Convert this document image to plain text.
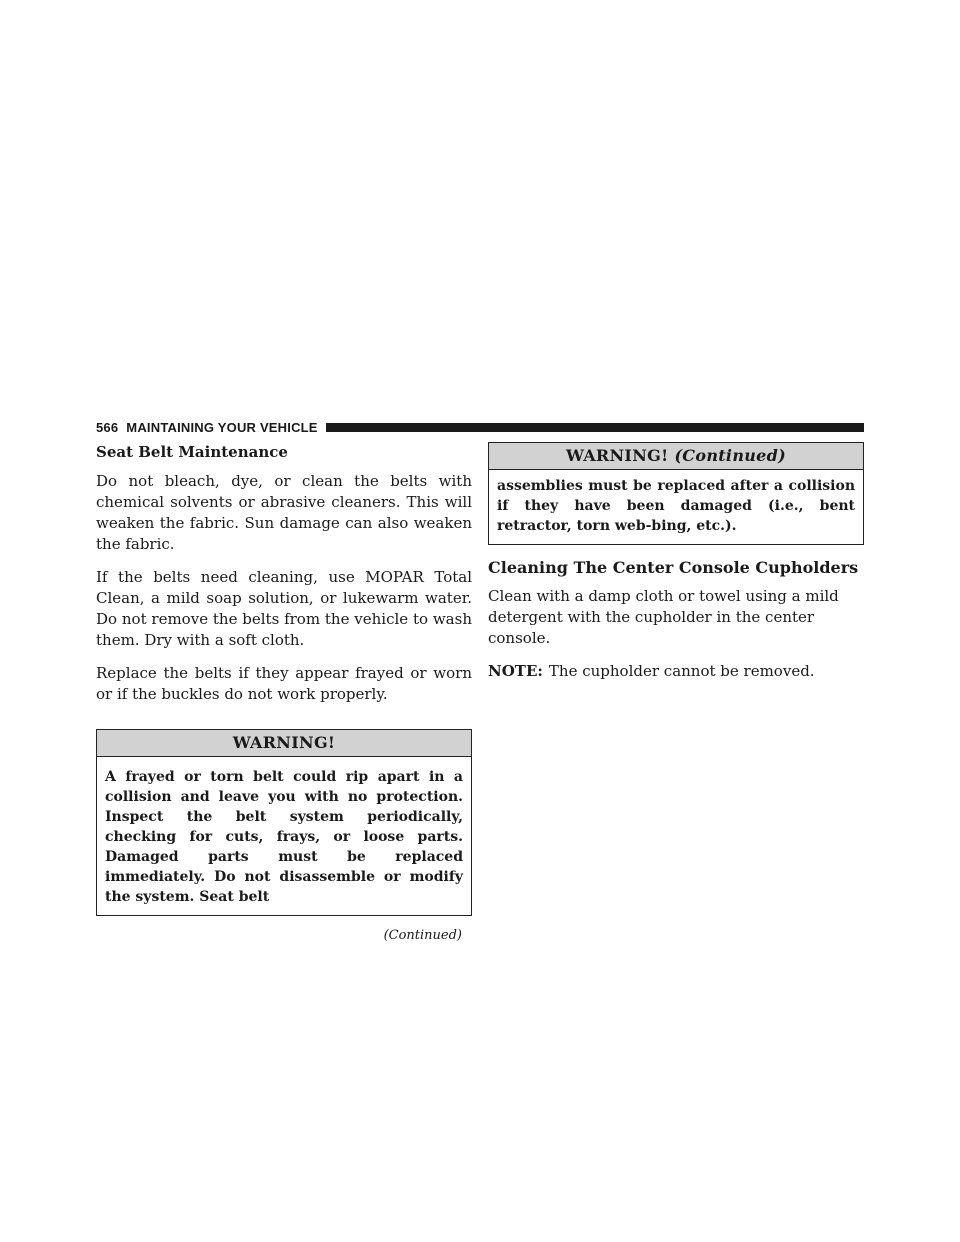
566 MAINTAINING YOUR VEHICLE
Seat Belt Maintenance

Do not bleach, dye, or clean the belts with chemical solvents or abrasive cleaners. This will weaken the fabric. Sun damage can also weaken the fabric.

If the belts need cleaning, use MOPAR Total Clean, a mild soap solution, or lukewarm water. Do not remove the belts from the vehicle to wash them. Dry with a soft cloth.

Replace the belts if they appear frayed or worn or if the buckles do not work properly.

WARNING!
A frayed or torn belt could rip apart in a collision and leave you with no protection. Inspect the belt system periodically, checking for cuts, frays, or loose parts. Damaged parts must be replaced immediately. Do not disassemble or modify the system. Seat belt
(Continued)
WARNING! (Continued)
assemblies must be replaced after a collision if they have been damaged (i.e., bent retractor, torn web-bing, etc.).
Cleaning The Center Console Cupholders

Clean with a damp cloth or towel using a mild detergent with the cupholder in the center console.

NOTE: The cupholder cannot be removed.
